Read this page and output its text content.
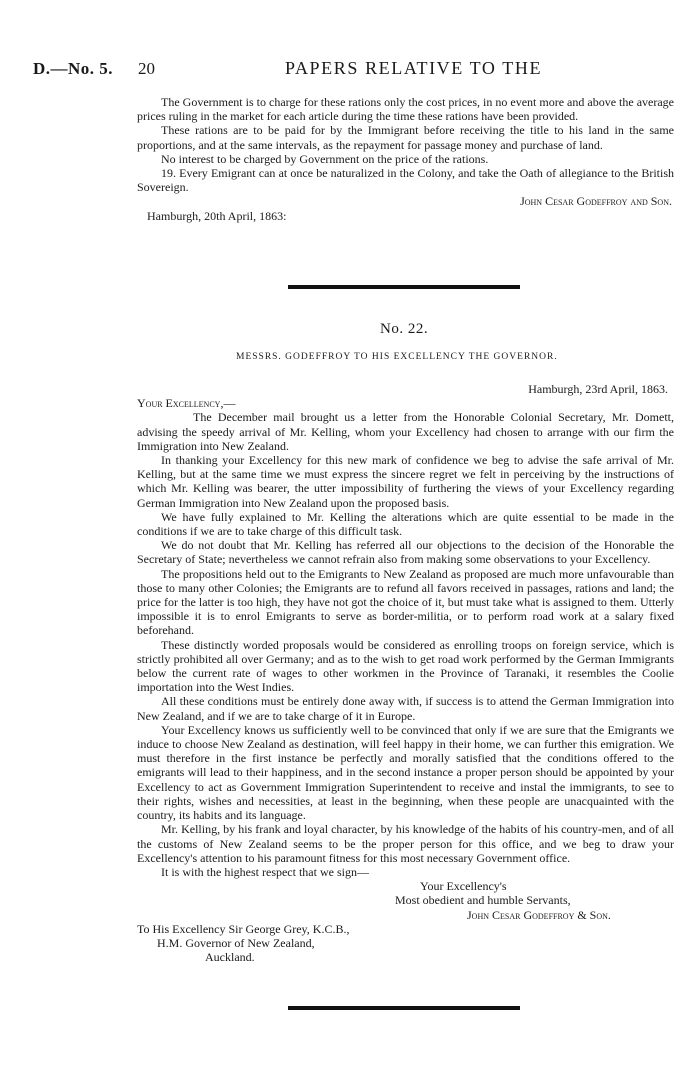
D.—No. 5. 20	PAPERS RELATIVE TO THE

The Government is to charge for these rations only the cost prices, in no event more and above the average prices ruling in the market for each article during the time these rations have been provided.

These rations are to be paid for by the Immigrant before receiving the title to his land in the same proportions, and at the same intervals, as the repayment for passage money and purchase of land.

No interest to be charged by Government on the price of the rations.

19. Every Emigrant can at once be naturalized in the Colony, and take the Oath of allegiance to the British Sovereign.

John Cesar Godeffroy and Son.

Hamburgh, 20th April, 1863:

No. 22.
MESSRS. GODEFFROY TO HIS EXCELLENCY THE GOVERNOR.

Hamburgh, 23rd April, 1863.

Your Excellency,—

The December mail brought us a letter from the Honorable Colonial Secretary, Mr. Domett, advising the speedy arrival of Mr. Kelling, whom your Excellency had chosen to arrange with our firm the Immigration into New Zealand.

In thanking your Excellency for this new mark of confidence we beg to advise the safe arrival of Mr. Kelling, but at the same time we must express the sincere regret we felt in perceiving by the instructions of which Mr. Kelling was bearer, the utter impossibility of furthering the views of your Excellency regarding German Immigration into New Zealand upon the proposed basis.

We have fully explained to Mr. Kelling the alterations which are quite essential to be made in the conditions if we are to take charge of this difficult task.

We do not doubt that Mr. Kelling has referred all our objections to the decision of the Honorable the Secretary of State; nevertheless we cannot refrain also from making some observations to your Excellency.

The propositions held out to the Emigrants to New Zealand as proposed are much more unfavourable than those to many other Colonies; the Emigrants are to refund all favors received in passages, rations and land; the price for the latter is too high, they have not got the choice of it, but must take what is assigned to them. Utterly impossible it is to enrol Emigrants to serve as border-militia, or to perform road work at a salary fixed beforehand.

These distinctly worded proposals would be considered as enrolling troops on foreign service, which is strictly prohibited all over Germany; and as to the wish to get road work performed by the German Immigrants below the current rate of wages to other workmen in the Province of Taranaki, it resembles the Coolie importation into the West Indies.

All these conditions must be entirely done away with, if success is to attend the German Immigration into New Zealand, and if we are to take charge of it in Europe.

Your Excellency knows us sufficiently well to be convinced that only if we are sure that the Emigrants we induce to choose New Zealand as destination, will feel happy in their home, we can further this emigration. We must therefore in the first instance be perfectly and morally satisfied that the conditions offered to the emigrants will lead to their happiness, and in the second instance a proper person should be appointed by your Excellency to act as Government Immigration Superintendent to receive and instal the immigrants, to see to their rights, wishes and necessities, at least in the beginning, when these people are unacquainted with the country, its habits and its language.

Mr. Kelling, by his frank and loyal character, by his knowledge of the habits of his country-men, and of all the customs of New Zealand seems to be the proper person for this office, and we beg to draw your Excellency's attention to his paramount fitness for this most necessary Government office.

It is with the highest respect that we sign—

Your Excellency's

Most obedient and humble Servants,

John Cesar Godeffroy & Son.

To His Excellency Sir George Grey, K.C.B.,

H.M. Governor of New Zealand,

Auckland.
